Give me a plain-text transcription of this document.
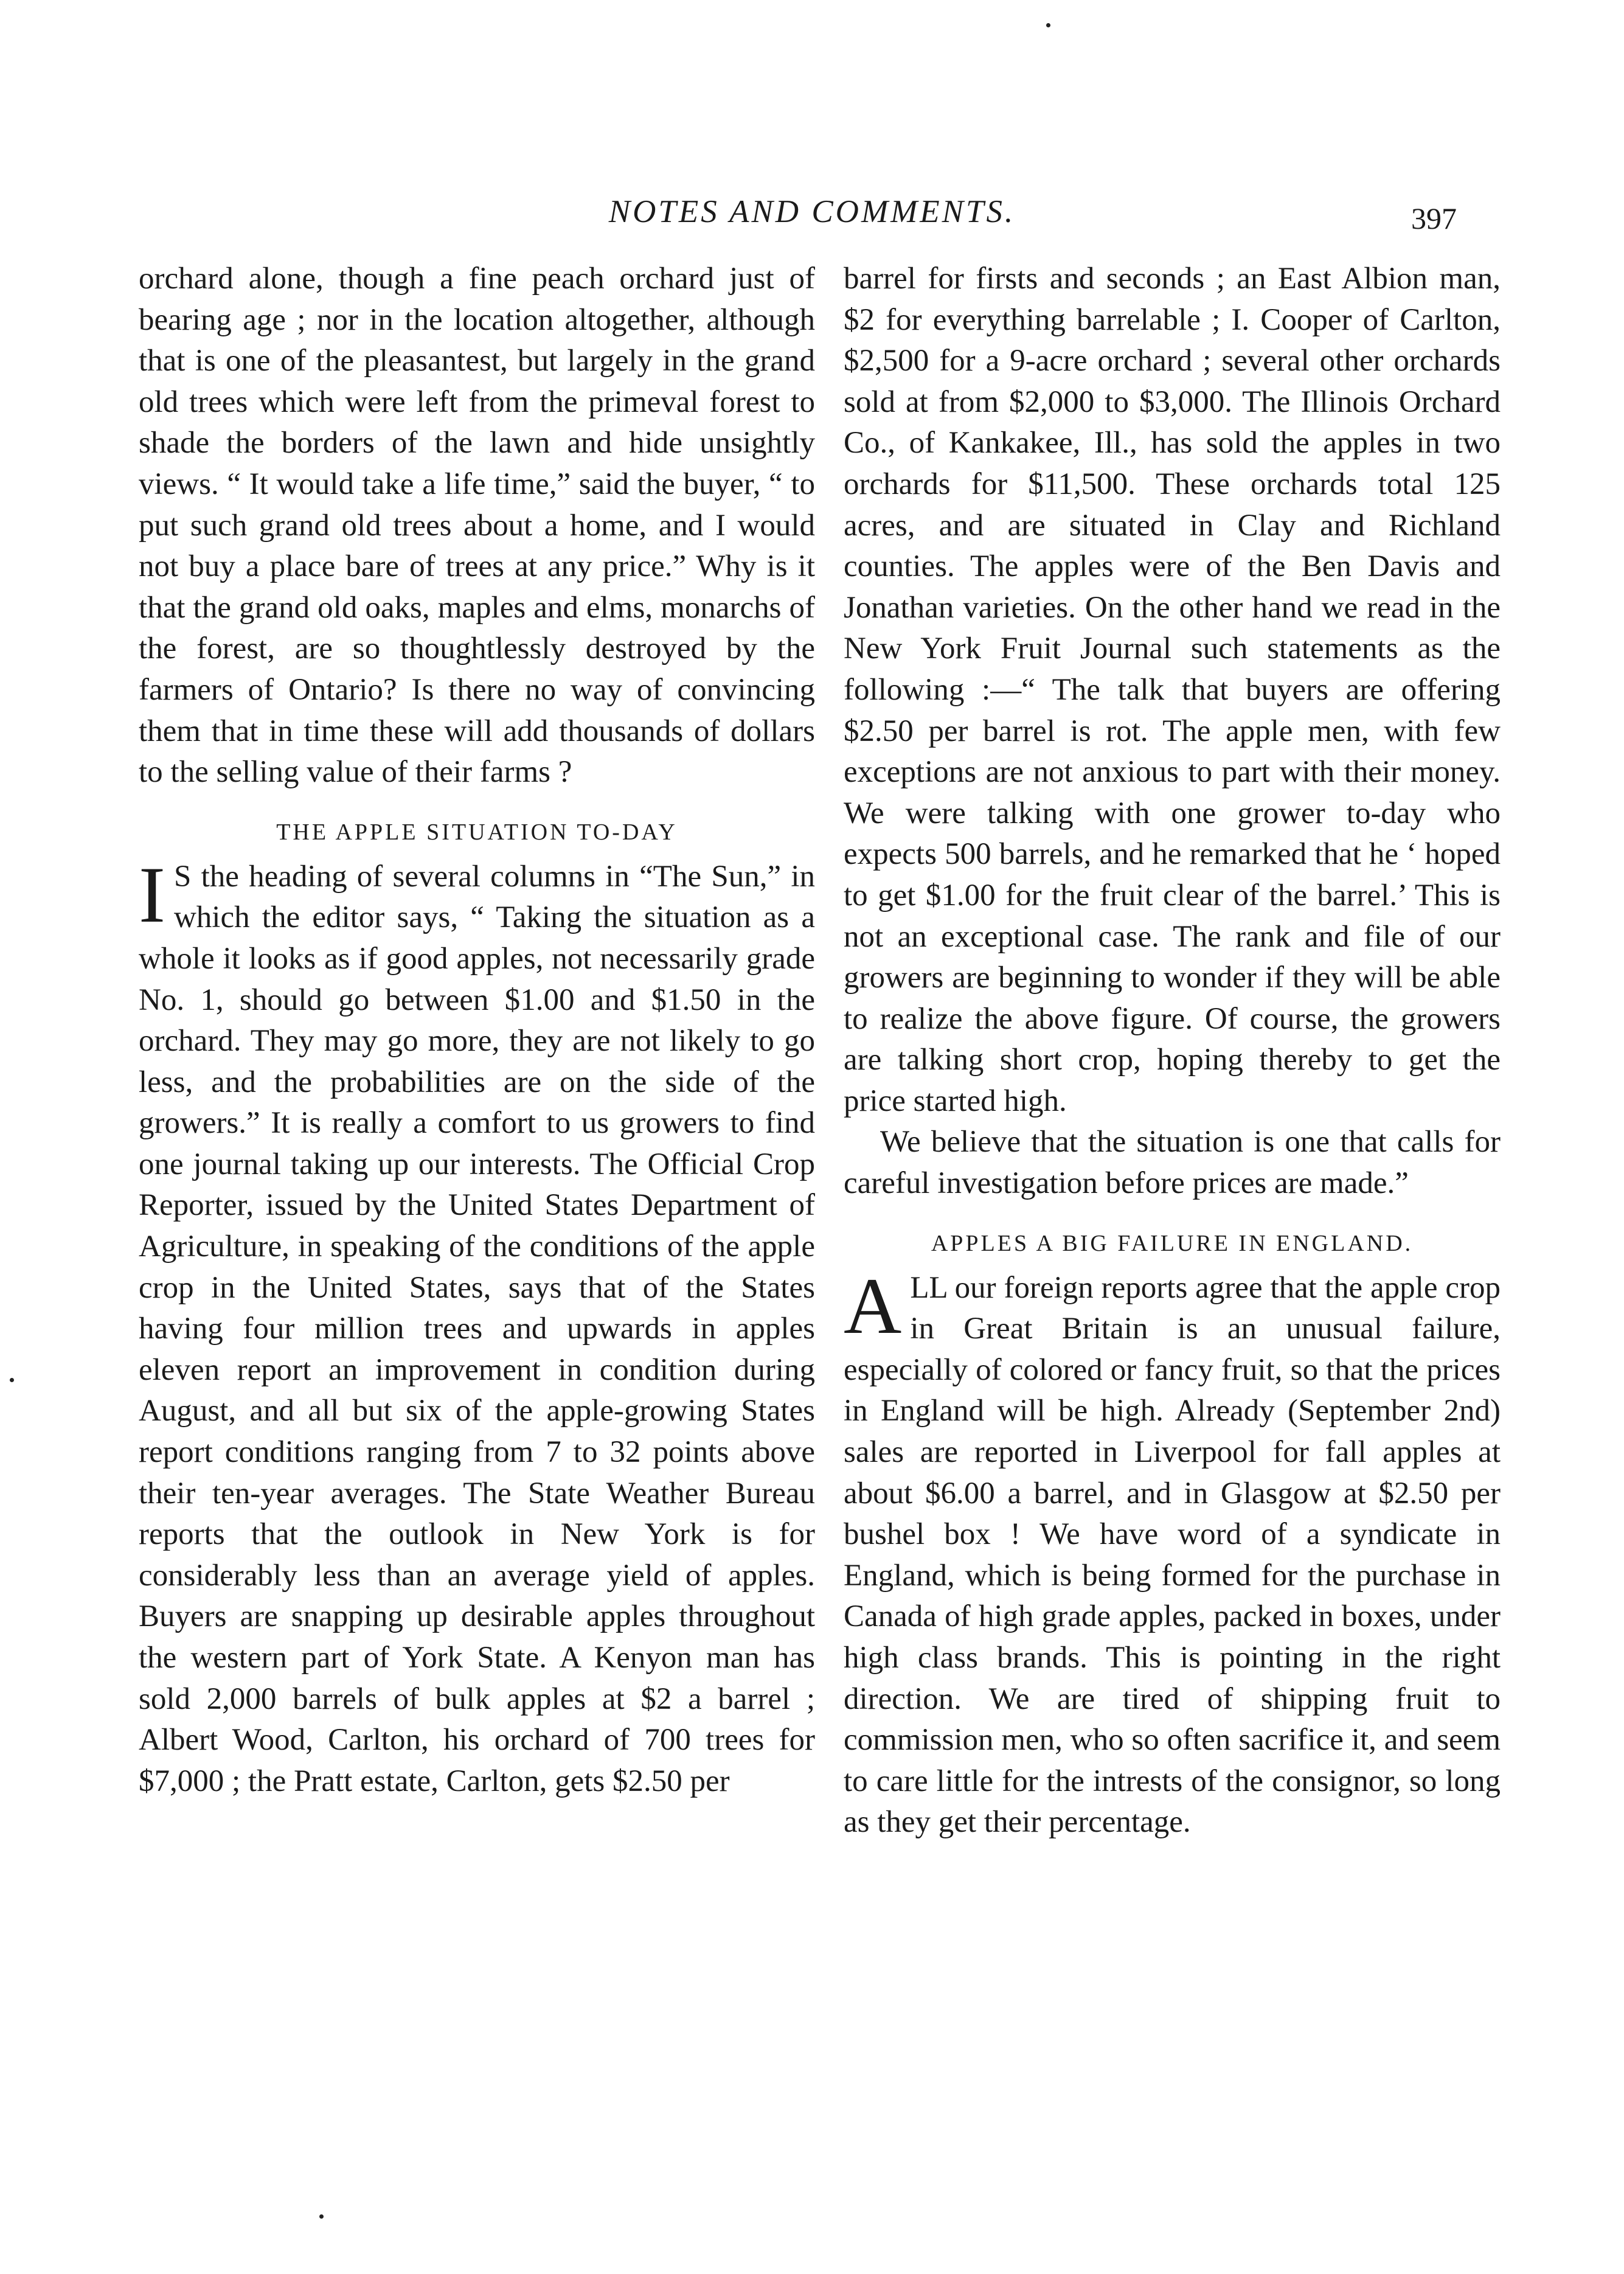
NOTES AND COMMENTS.	397

orchard alone, though a fine peach orchard just of bearing age ; nor in the location altogether, although that is one of the pleasantest, but largely in the grand old trees which were left from the primeval forest to shade the borders of the lawn and hide unsightly views. “ It would take a life time,” said the buyer, “ to put such grand old trees about a home, and I would not buy a place bare of trees at any price.” Why is it that the grand old oaks, maples and elms, monarchs of the forest, are so thoughtlessly destroyed by the farmers of Ontario? Is there no way of convincing them that in time these will add thousands of dollars to the selling value of their farms ?

THE APPLE SITUATION TO-DAY

I S the heading of several columns in “The Sun,” in which the editor says, “ Taking the situation as a whole it looks as if good apples, not necessarily grade No. 1, should go between $1.00 and $1.50 in the orchard. They may go more, they are not likely to go less, and the probabilities are on the side of the growers.” It is really a comfort to us growers to find one journal taking up our interests. The Official Crop Reporter, issued by the United States Department of Agriculture, in speaking of the conditions of the apple crop in the United States, says that of the States having four million trees and upwards in apples eleven report an improvement in condition during August, and all but six of the apple-growing States report conditions ranging from 7 to 32 points above their ten-year averages. The State Weather Bureau reports that the outlook in New York is for considerably less than an average yield of apples. Buyers are snapping up desirable apples throughout the western part of York State. A Kenyon man has sold 2,000 barrels of bulk apples at $2 a barrel ; Albert Wood, Carlton, his orchard of 700 trees for $7,000 ; the Pratt estate, Carlton, gets $2.50 per

barrel for firsts and seconds ; an East Albion man, $2 for everything barrelable ; I. Cooper of Carlton, $2,500 for a 9-acre orchard ; several other orchards sold at from $2,000 to $3,000. The Illinois Orchard Co., of Kankakee, Ill., has sold the apples in two orchards for $11,500. These orchards total 125 acres, and are situated in Clay and Richland counties. The apples were of the Ben Davis and Jonathan varieties. On the other hand we read in the New York Fruit Journal such statements as the following :—“ The talk that buyers are offering $2.50 per barrel is rot. The apple men, with few exceptions are not anxious to part with their money. We were talking with one grower to-day who expects 500 barrels, and he remarked that he ‘ hoped to get $1.00 for the fruit clear of the barrel.’ This is not an exceptional case. The rank and file of our growers are beginning to wonder if they will be able to realize the above figure. Of course, the growers are talking short crop, hoping thereby to get the price started high.

We believe that the situation is one that calls for careful investigation before prices are made.”

APPLES A BIG FAILURE IN ENGLAND.

A LL our foreign reports agree that the apple crop in Great Britain is an unusual failure, especially of colored or fancy fruit, so that the prices in England will be high. Already (September 2nd) sales are reported in Liverpool for fall apples at about $6.00 a barrel, and in Glasgow at $2.50 per bushel box ! We have word of a syndicate in England, which is being formed for the purchase in Canada of high grade apples, packed in boxes, under high class brands. This is pointing in the right direction. We are tired of shipping fruit to commission men, who so often sacrifice it, and seem to care little for the intrests of the consignor, so long as they get their percentage.
